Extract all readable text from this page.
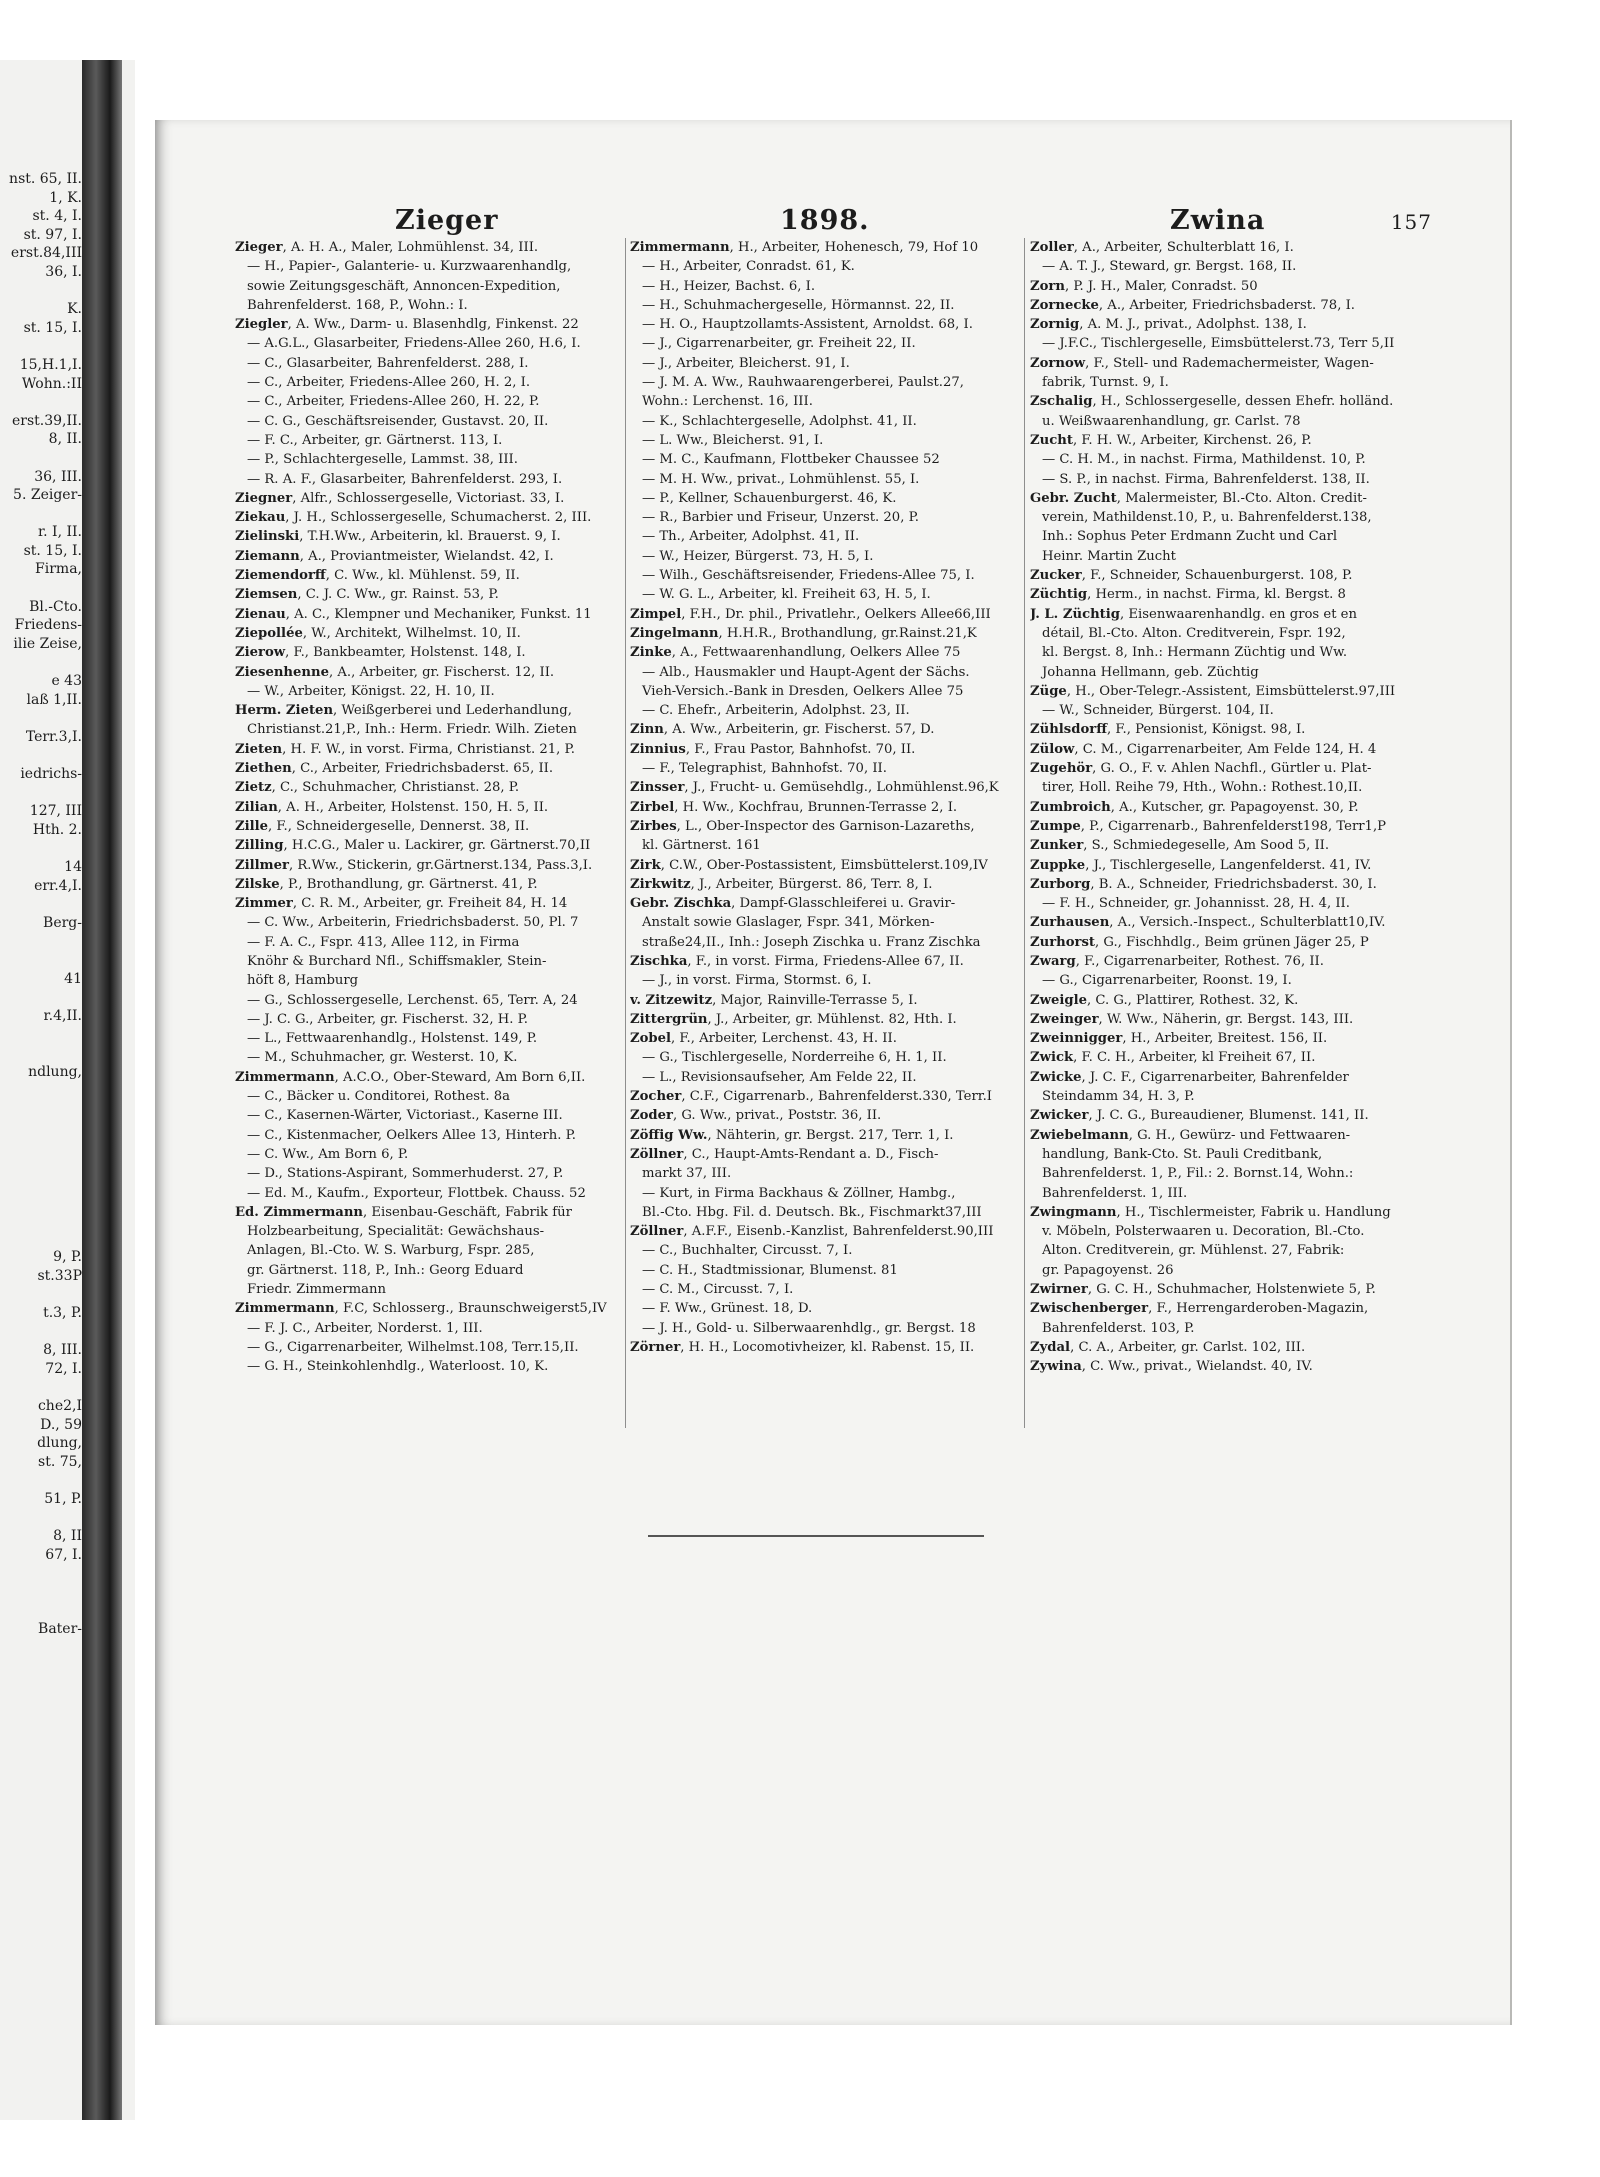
nst. 65, II.
1, K.
st. 4, I.
st. 97, I.
erst.84,III
36, I.

K.
st. 15, I.

15,H.1,I.
Wohn.:II

erst.39,II.
8, II.

36, III.
5. Zeiger-

r. I, II.
st. 15, I.
Firma,

Bl.-Cto.
Friedens-
ilie Zeise,

e 43
laß 1,II.

Terr.3,I.

iedrichs-

127, III
Hth. 2.

14
err.4,I.

Berg-

41

r.4,II.

ndlung,

9, P.
st.33P

t.3, P.

8, III.
72, I.

che2,I
D., 59
dlung,
st. 75,

51, P.

8, II
67, I.

Bater-
Zieger	1898.	Zwina	157
Zieger, A. H. A., Maler, Lohmühlenst. 34, III.
— H., Papier-, Galanterie- u. Kurzwaarenhandlg,
sowie Zeitungsgeschäft, Annoncen-Expedition,
Bahrenfelderst. 168, P., Wohn.: I.
Ziegler, A. Ww., Darm- u. Blasenhdlg, Finkenst. 22
— A.G.L., Glasarbeiter, Friedens-Allee 260, H.6, I.
— C., Glasarbeiter, Bahrenfelderst. 288, I.
— C., Arbeiter, Friedens-Allee 260, H. 2, I.
— C., Arbeiter, Friedens-Allee 260, H. 22, P.
— C. G., Geschäftsreisender, Gustavst. 20, II.
— F. C., Arbeiter, gr. Gärtnerst. 113, I.
— P., Schlachtergeselle, Lammst. 38, III.
— R. A. F., Glasarbeiter, Bahrenfelderst. 293, I.
Ziegner, Alfr., Schlossergeselle, Victoriast. 33, I.
Ziekau, J. H., Schlossergeselle, Schumacherst. 2, III.
Zielinski, T.H.Ww., Arbeiterin, kl. Brauerst. 9, I.
Ziemann, A., Proviantmeister, Wielandst. 42, I.
Ziemendorff, C. Ww., kl. Mühlenst. 59, II.
Ziemsen, C. J. C. Ww., gr. Rainst. 53, P.
Zienau, A. C., Klempner und Mechaniker, Funkst. 11
Ziepollée, W., Architekt, Wilhelmst. 10, II.
Zierow, F., Bankbeamter, Holstenst. 148, I.
Ziesenhenne, A., Arbeiter, gr. Fischerst. 12, II.
— W., Arbeiter, Königst. 22, H. 10, II.
Herm. Zieten, Weißgerberei und Lederhandlung,
Christianst.21,P., Inh.: Herm. Friedr. Wilh. Zieten
Zieten, H. F. W., in vorst. Firma, Christianst. 21, P.
Ziethen, C., Arbeiter, Friedrichsbaderst. 65, II.
Zietz, C., Schuhmacher, Christianst. 28, P.
Zilian, A. H., Arbeiter, Holstenst. 150, H. 5, II.
Zille, F., Schneidergeselle, Dennerst. 38, II.
Zilling, H.C.G., Maler u. Lackirer, gr. Gärtnerst.70,II
Zillmer, R.Ww., Stickerin, gr.Gärtnerst.134, Pass.3,I.
Zilske, P., Brothandlung, gr. Gärtnerst. 41, P.
Zimmer, C. R. M., Arbeiter, gr. Freiheit 84, H. 14
— C. Ww., Arbeiterin, Friedrichsbaderst. 50, Pl. 7
— F. A. C., Fspr. 413, Allee 112, in Firma
Knöhr & Burchard Nfl., Schiffsmakler, Stein-
höft 8, Hamburg
— G., Schlossergeselle, Lerchenst. 65, Terr. A, 24
— J. C. G., Arbeiter, gr. Fischerst. 32, H. P.
— L., Fettwaarenhandlg., Holstenst. 149, P.
— M., Schuhmacher, gr. Westerst. 10, K.
Zimmermann, A.C.O., Ober-Steward, Am Born 6,II.
— C., Bäcker u. Conditorei, Rothest. 8a
— C., Kasernen-Wärter, Victoriast., Kaserne III.
— C., Kistenmacher, Oelkers Allee 13, Hinterh. P.
— C. Ww., Am Born 6, P.
— D., Stations-Aspirant, Sommerhuderst. 27, P.
— Ed. M., Kaufm., Exporteur, Flottbek. Chauss. 52
Ed. Zimmermann, Eisenbau-Geschäft, Fabrik für
Holzbearbeitung, Specialität: Gewächshaus-
Anlagen, Bl.-Cto. W. S. Warburg, Fspr. 285,
gr. Gärtnerst. 118, P., Inh.: Georg Eduard
Friedr. Zimmermann
Zimmermann, F.C, Schlosserg., Braunschweigerst5,IV
— F. J. C., Arbeiter, Norderst. 1, III.
— G., Cigarrenarbeiter, Wilhelmst.108, Terr.15,II.
— G. H., Steinkohlenhdlg., Waterloost. 10, K.
Zimmermann, H., Arbeiter, Hohenesch, 79, Hof 10
— H., Arbeiter, Conradst. 61, K.
— H., Heizer, Bachst. 6, I.
— H., Schuhmachergeselle, Hörmannst. 22, II.
— H. O., Hauptzollamts-Assistent, Arnoldst. 68, I.
— J., Cigarrenarbeiter, gr. Freiheit 22, II.
— J., Arbeiter, Bleicherst. 91, I.
— J. M. A. Ww., Rauhwaarengerberei, Paulst.27,
Wohn.: Lerchenst. 16, III.
— K., Schlachtergeselle, Adolphst. 41, II.
— L. Ww., Bleicherst. 91, I.
— M. C., Kaufmann, Flottbeker Chaussee 52
— M. H. Ww., privat., Lohmühlenst. 55, I.
— P., Kellner, Schauenburgerst. 46, K.
— R., Barbier und Friseur, Unzerst. 20, P.
— Th., Arbeiter, Adolphst. 41, II.
— W., Heizer, Bürgerst. 73, H. 5, I.
— Wilh., Geschäftsreisender, Friedens-Allee 75, I.
— W. G. L., Arbeiter, kl. Freiheit 63, H. 5, I.
Zimpel, F.H., Dr. phil., Privatlehr., Oelkers Allee66,III
Zingelmann, H.H.R., Brothandlung, gr.Rainst.21,K
Zinke, A., Fettwaarenhandlung, Oelkers Allee 75
— Alb., Hausmakler und Haupt-Agent der Sächs.
Vieh-Versich.-Bank in Dresden, Oelkers Allee 75
— C. Ehefr., Arbeiterin, Adolphst. 23, II.
Zinn, A. Ww., Arbeiterin, gr. Fischerst. 57, D.
Zinnius, F., Frau Pastor, Bahnhofst. 70, II.
— F., Telegraphist, Bahnhofst. 70, II.
Zinsser, J., Frucht- u. Gemüsehdlg., Lohmühlenst.96,K
Zirbel, H. Ww., Kochfrau, Brunnen-Terrasse 2, I.
Zirbes, L., Ober-Inspector des Garnison-Lazareths,
kl. Gärtnerst. 161
Zirk, C.W., Ober-Postassistent, Eimsbüttelerst.109,IV
Zirkwitz, J., Arbeiter, Bürgerst. 86, Terr. 8, I.
Gebr. Zischka, Dampf-Glasschleiferei u. Gravir-
Anstalt sowie Glaslager, Fspr. 341, Mörken-
straße24,II., Inh.: Joseph Zischka u. Franz Zischka
Zischka, F., in vorst. Firma, Friedens-Allee 67, II.
— J., in vorst. Firma, Stormst. 6, I.
v. Zitzewitz, Major, Rainville-Terrasse 5, I.
Zittergrün, J., Arbeiter, gr. Mühlenst. 82, Hth. I.
Zobel, F., Arbeiter, Lerchenst. 43, H. II.
— G., Tischlergeselle, Norderreihe 6, H. 1, II.
— L., Revisionsaufseher, Am Felde 22, II.
Zocher, C.F., Cigarrenarb., Bahrenfelderst.330, Terr.I
Zoder, G. Ww., privat., Poststr. 36, II.
Zöffig Ww., Nähterin, gr. Bergst. 217, Terr. 1, I.
Zöllner, C., Haupt-Amts-Rendant a. D., Fisch-
markt 37, III.
— Kurt, in Firma Backhaus & Zöllner, Hambg.,
Bl.-Cto. Hbg. Fil. d. Deutsch. Bk., Fischmarkt37,III
Zöllner, A.F.F., Eisenb.-Kanzlist, Bahrenfelderst.90,III
— C., Buchhalter, Circusst. 7, I.
— C. H., Stadtmissionar, Blumenst. 81
— C. M., Circusst. 7, I.
— F. Ww., Grünest. 18, D.
— J. H., Gold- u. Silberwaarenhdlg., gr. Bergst. 18
Zörner, H. H., Locomotivheizer, kl. Rabenst. 15, II.
Zoller, A., Arbeiter, Schulterblatt 16, I.
— A. T. J., Steward, gr. Bergst. 168, II.
Zorn, P. J. H., Maler, Conradst. 50
Zornecke, A., Arbeiter, Friedrichsbaderst. 78, I.
Zornig, A. M. J., privat., Adolphst. 138, I.
— J.F.C., Tischlergeselle, Eimsbüttelerst.73, Terr 5,II
Zornow, F., Stell- und Rademachermeister, Wagen-
fabrik, Turnst. 9, I.
Zschalig, H., Schlossergeselle, dessen Ehefr. holländ.
u. Weißwaarenhandlung, gr. Carlst. 78
Zucht, F. H. W., Arbeiter, Kirchenst. 26, P.
— C. H. M., in nachst. Firma, Mathildenst. 10, P.
— S. P., in nachst. Firma, Bahrenfelderst. 138, II.
Gebr. Zucht, Malermeister, Bl.-Cto. Alton. Credit-
verein, Mathildenst.10, P., u. Bahrenfelderst.138,
Inh.: Sophus Peter Erdmann Zucht und Carl
Heinr. Martin Zucht
Zucker, F., Schneider, Schauenburgerst. 108, P.
Züchtig, Herm., in nachst. Firma, kl. Bergst. 8
J. L. Züchtig, Eisenwaarenhandlg. en gros et en
détail, Bl.-Cto. Alton. Creditverein, Fspr. 192,
kl. Bergst. 8, Inh.: Hermann Züchtig und Ww.
Johanna Hellmann, geb. Züchtig
Züge, H., Ober-Telegr.-Assistent, Eimsbüttelerst.97,III
— W., Schneider, Bürgerst. 104, II.
Zühlsdorff, F., Pensionist, Königst. 98, I.
Zülow, C. M., Cigarrenarbeiter, Am Felde 124, H. 4
Zugehör, G. O., F. v. Ahlen Nachfl., Gürtler u. Plat-
tirer, Holl. Reihe 79, Hth., Wohn.: Rothest.10,II.
Zumbroich, A., Kutscher, gr. Papagoyenst. 30, P.
Zumpe, P., Cigarrenarb., Bahrenfelderst198, Terr1,P
Zunker, S., Schmiedegeselle, Am Sood 5, II.
Zuppke, J., Tischlergeselle, Langenfelderst. 41, IV.
Zurborg, B. A., Schneider, Friedrichsbaderst. 30, I.
— F. H., Schneider, gr. Johannisst. 28, H. 4, II.
Zurhausen, A., Versich.-Inspect., Schulterblatt10,IV.
Zurhorst, G., Fischhdlg., Beim grünen Jäger 25, P
Zwarg, F., Cigarrenarbeiter, Rothest. 76, II.
— G., Cigarrenarbeiter, Roonst. 19, I.
Zweigle, C. G., Plattirer, Rothest. 32, K.
Zweinger, W. Ww., Näherin, gr. Bergst. 143, III.
Zweinnigger, H., Arbeiter, Breitest. 156, II.
Zwick, F. C. H., Arbeiter, kl Freiheit 67, II.
Zwicke, J. C. F., Cigarrenarbeiter, Bahrenfelder
Steindamm 34, H. 3, P.
Zwicker, J. C. G., Bureaudiener, Blumenst. 141, II.
Zwiebelmann, G. H., Gewürz- und Fettwaaren-
handlung, Bank-Cto. St. Pauli Creditbank,
Bahrenfelderst. 1, P., Fil.: 2. Bornst.14, Wohn.:
Bahrenfelderst. 1, III.
Zwingmann, H., Tischlermeister, Fabrik u. Handlung
v. Möbeln, Polsterwaaren u. Decoration, Bl.-Cto.
Alton. Creditverein, gr. Mühlenst. 27, Fabrik:
gr. Papagoyenst. 26
Zwirner, G. C. H., Schuhmacher, Holstenwiete 5, P.
Zwischenberger, F., Herrengarderoben-Magazin,
Bahrenfelderst. 103, P.
Zydal, C. A., Arbeiter, gr. Carlst. 102, III.
Zywina, C. Ww., privat., Wielandst. 40, IV.
